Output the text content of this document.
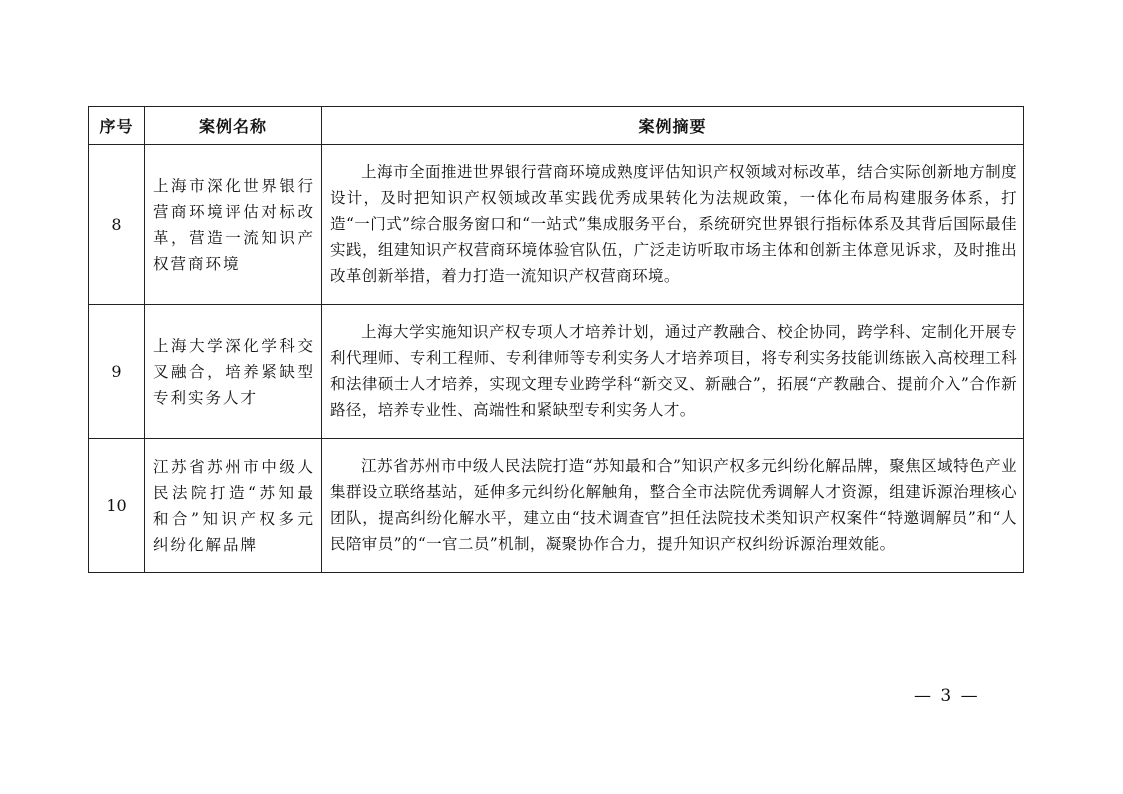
序号	案例名称	案例摘要
8	上海市深化世界银行营商环境评估对标改革，营造一流知识产权营商环境	上海市全面推进世界银行营商环境成熟度评估知识产权领域对标改革，结合实际创新地方制度设计，及时把知识产权领域改革实践优秀成果转化为法规政策，一体化布局构建服务体系，打造“一门式”综合服务窗口和“一站式”集成服务平台，系统研究世界银行指标体系及其背后国际最佳实践，组建知识产权营商环境体验官队伍，广泛走访听取市场主体和创新主体意见诉求，及时推出改革创新举措，着力打造一流知识产权营商环境。
9	上海大学深化学科交叉融合，培养紧缺型专利实务人才	上海大学实施知识产权专项人才培养计划，通过产教融合、校企协同，跨学科、定制化开展专利代理师、专利工程师、专利律师等专利实务人才培养项目，将专利实务技能训练嵌入高校理工科和法律硕士人才培养，实现文理专业跨学科“新交叉、新融合”，拓展“产教融合、提前介入”合作新路径，培养专业性、高端性和紧缺型专利实务人才。
10	江苏省苏州市中级人民法院打造“苏知最和合”知识产权多元纠纷化解品牌	江苏省苏州市中级人民法院打造“苏知最和合”知识产权多元纠纷化解品牌，聚焦区域特色产业集群设立联络基站，延伸多元纠纷化解触角，整合全市法院优秀调解人才资源，组建诉源治理核心团队，提高纠纷化解水平，建立由“技术调查官”担任法院技术类知识产权案件“特邀调解员”和“人民陪审员”的“一官二员”机制，凝聚协作合力，提升知识产权纠纷诉源治理效能。
— 3 —
